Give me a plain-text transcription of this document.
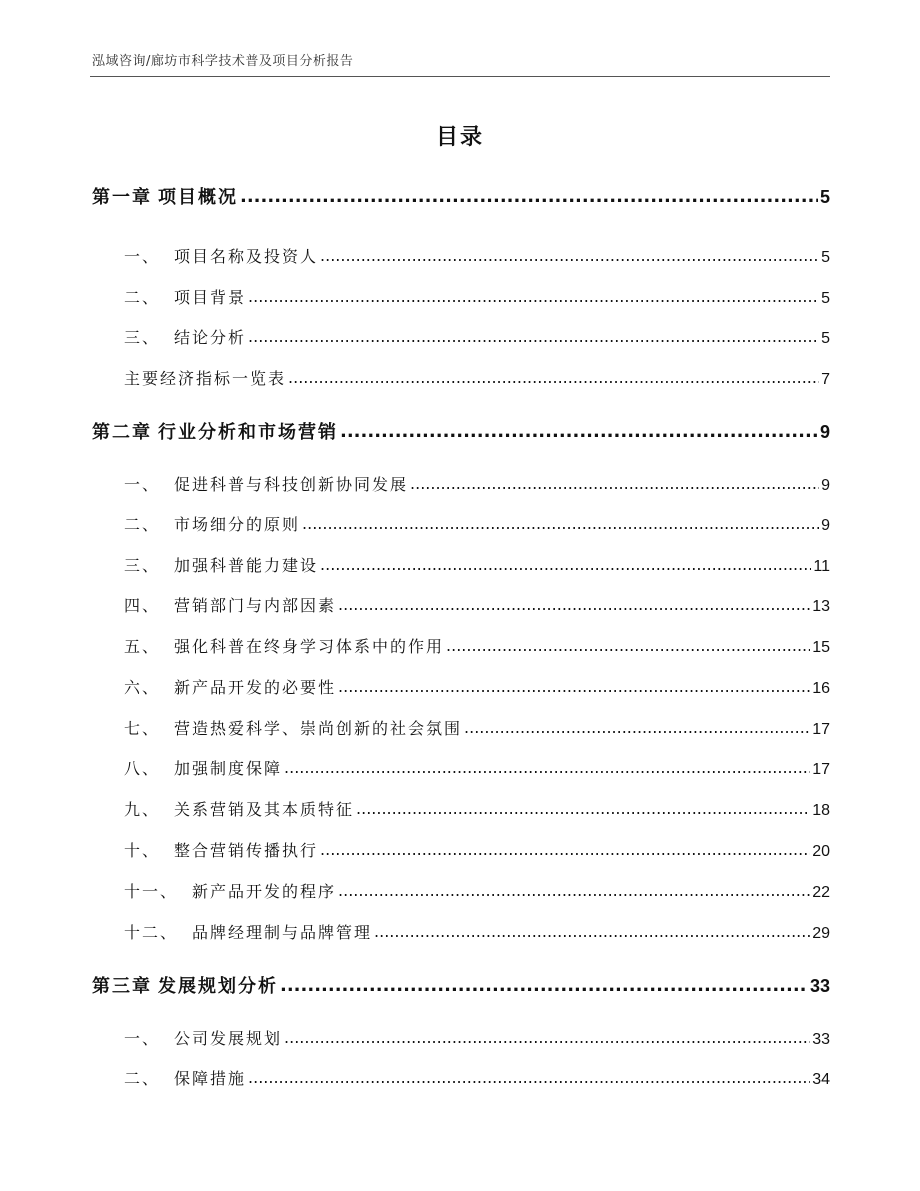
泓域咨询/廊坊市科学技术普及项目分析报告
目录
第一章 项目概况 .....	5
一、 项目名称及投资人 .....	5
二、 项目背景 .....	5
三、 结论分析 .....	5
主要经济指标一览表 .....	7
第二章 行业分析和市场营销 .....	9
一、 促进科普与科技创新协同发展 .....	9
二、 市场细分的原则 .....	9
三、 加强科普能力建设 .....	11
四、 营销部门与内部因素 .....	13
五、 强化科普在终身学习体系中的作用 .....	15
六、 新产品开发的必要性 .....	16
七、 营造热爱科学、崇尚创新的社会氛围 .....	17
八、 加强制度保障 .....	17
九、 关系营销及其本质特征 .....	18
十、 整合营销传播执行 .....	20
十一、 新产品开发的程序 .....	22
十二、 品牌经理制与品牌管理 .....	29
第三章 发展规划分析 .....	33
一、 公司发展规划 .....	33
二、 保障措施 .....	34
